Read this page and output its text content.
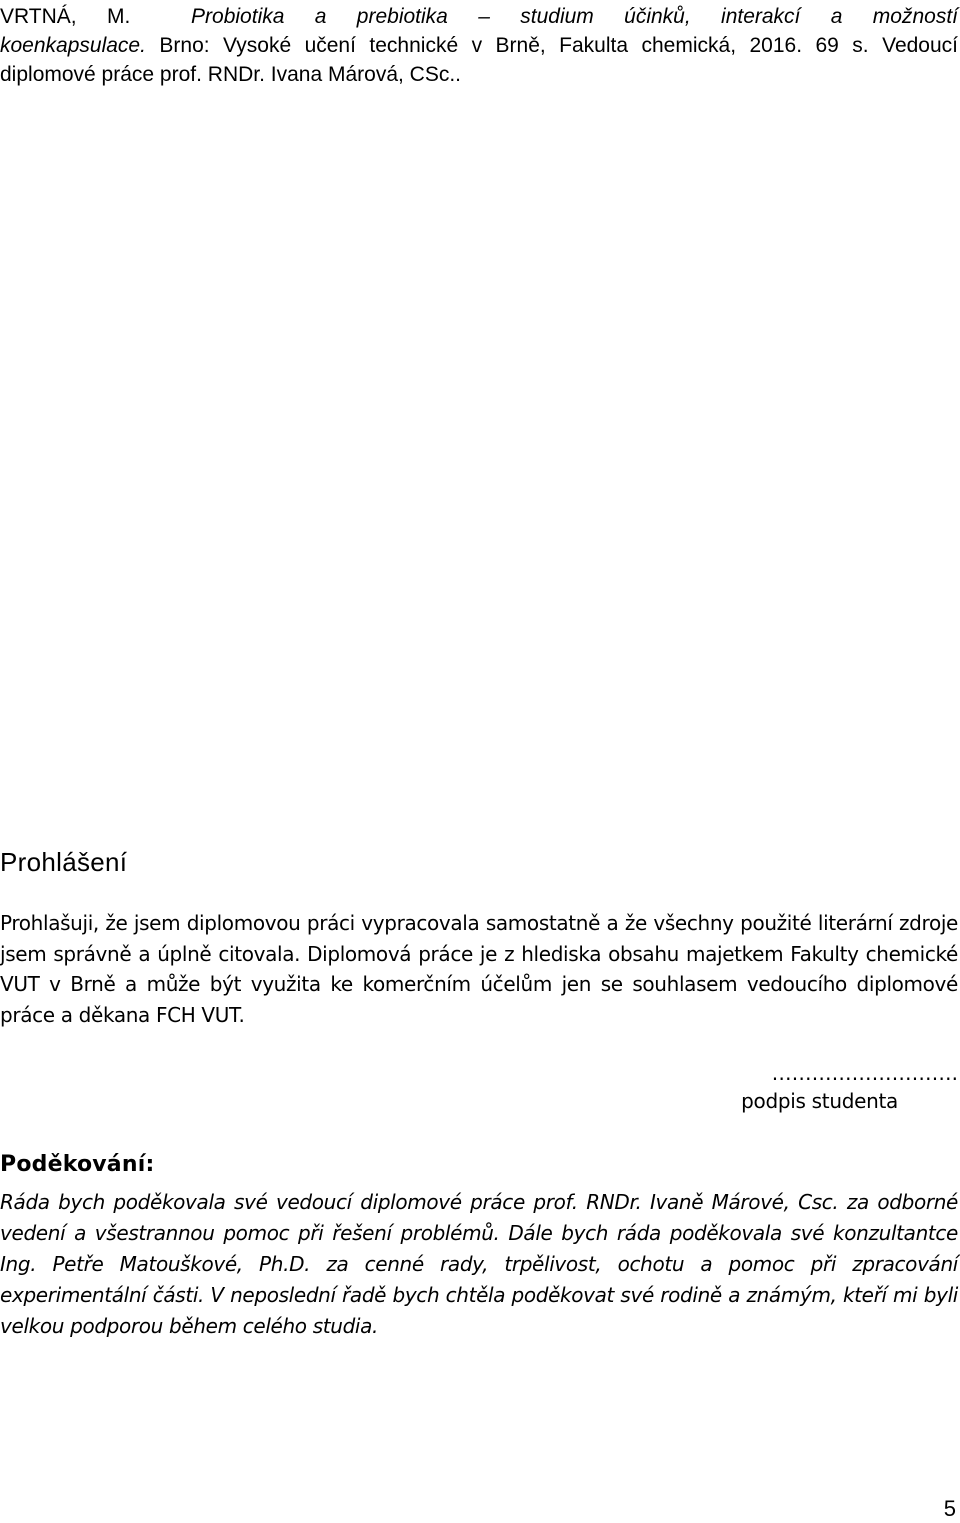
VRTNÁ, M.	Probiotika a prebiotika – studium účinků, interakcí a možností
koenkapsulace. Brno: Vysoké učení technické v Brně, Fakulta chemická, 2016. 69 s. Vedoucí
diplomové práce prof. RNDr. Ivana Márová, CSc..
Prohlášení
Prohlašuji, že jsem diplomovou práci vypracovala samostatně a že všechny použité literární zdroje jsem správně a úplně citovala. Diplomová práce je z hlediska obsahu majetkem Fakulty chemické VUT v Brně a může být využita ke komerčním účelům jen se souhlasem vedoucího diplomové práce a děkana FCH VUT.
……………………….
podpis studenta
Poděkování:
Ráda bych poděkovala své vedoucí diplomové práce prof. RNDr. Ivaně Márové, Csc. za odborné vedení a všestrannou pomoc při řešení problémů. Dále bych ráda poděkovala své konzultantce Ing. Petře Matouškové, Ph.D. za cenné rady, trpělivost, ochotu a pomoc při zpracování experimentální části. V neposlední řadě bych chtěla poděkovat své rodině a známým, kteří mi byli velkou podporou během celého studia.
5
